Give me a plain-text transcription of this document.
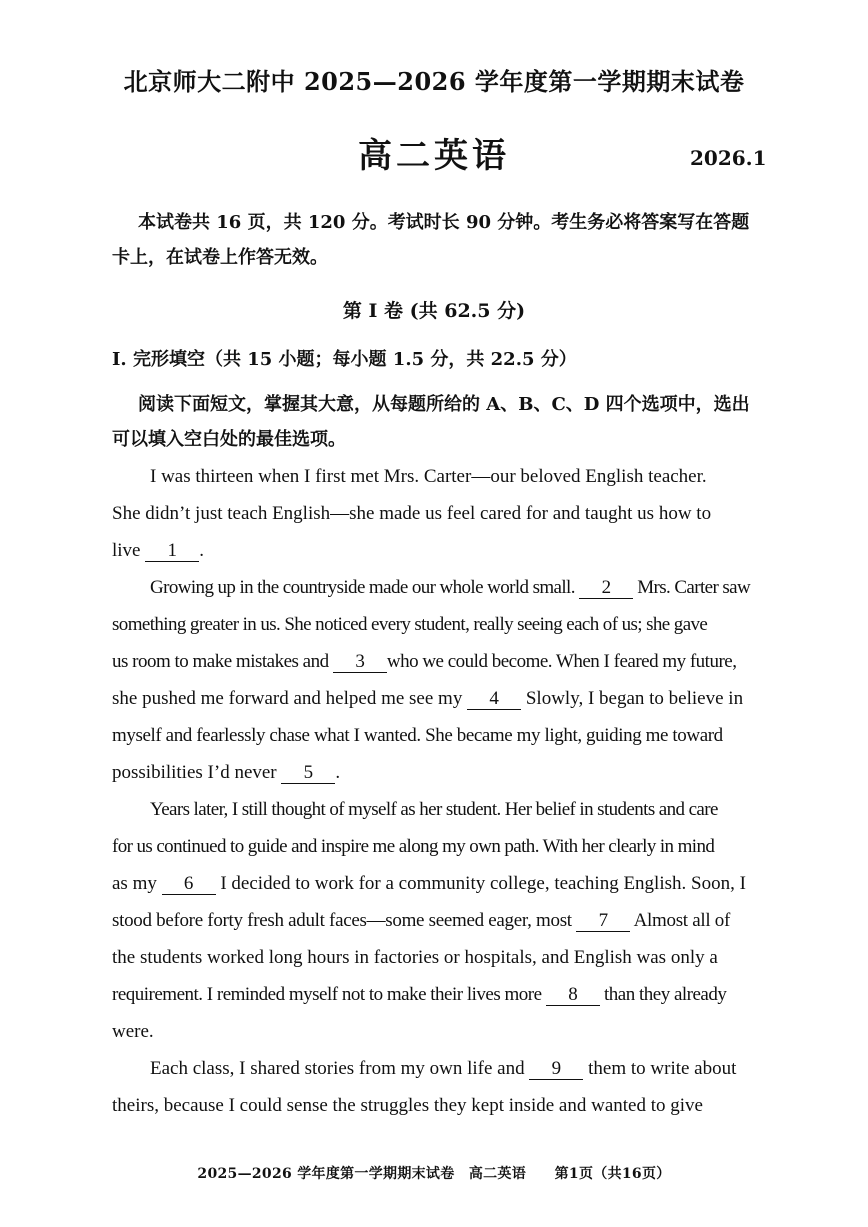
北京师大二附中 2025—2026 学年度第一学期期末试卷
高二英语	2026.1
本试卷共 16 页，共 120 分。考试时长 90 分钟。考生务必将答案写在答题
卡上，在试卷上作答无效。
第 I 卷 (共 62.5 分)
I. 完形填空（共 15 小题；每小题 1.5 分，共 22.5 分）
阅读下面短文，掌握其大意，从每题所给的 A、B、C、D 四个选项中，选出
可以填入空白处的最佳选项。
I was thirteen when I first met Mrs. Carter—our beloved English teacher.
She didn’t just teach English—she made us feel cared for and taught us how to
live 1 .
Growing up in the countryside made our whole world small. 2 Mrs. Carter saw
something greater in us. She noticed every student, really seeing each of us; she gave
us room to make mistakes and 3 who we could become. When I feared my future,
she pushed me forward and helped me see my 4 Slowly, I began to believe in
myself and fearlessly chase what I wanted. She became my light, guiding me toward
possibilities I’d never 5 .
Years later, I still thought of myself as her student. Her belief in students and care
for us continued to guide and inspire me along my own path. With her clearly in mind
as my 6 I decided to work for a community college, teaching English. Soon, I
stood before forty fresh adult faces—some seemed eager, most 7 Almost all of
the students worked long hours in factories or hospitals, and English was only a
requirement. I reminded myself not to make their lives more 8 than they already
were.
Each class, I shared stories from my own life and 9 them to write about
theirs, because I could sense the struggles they kept inside and wanted to give
2025—2026 学年度第一学期期末试卷　高二英语　　第1页（共16页）
